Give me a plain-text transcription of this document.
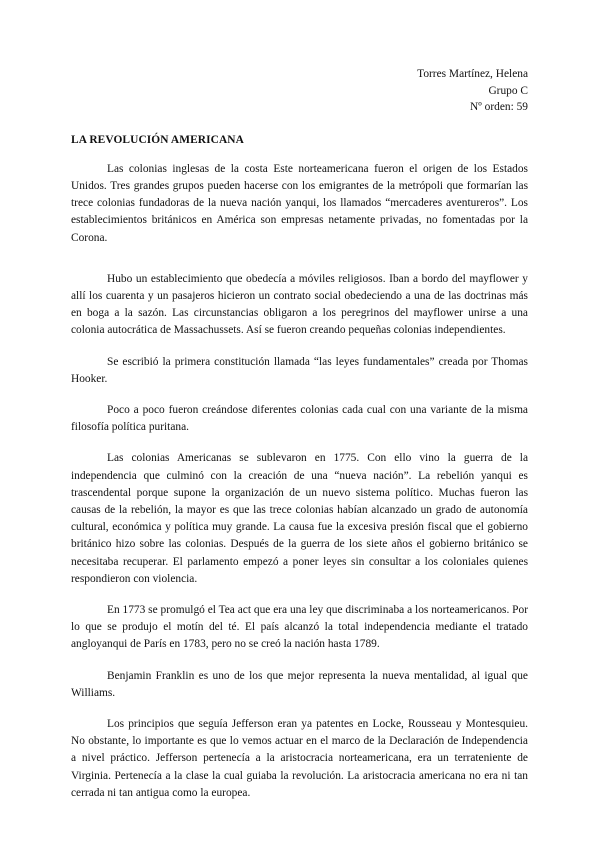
Torres Martínez, Helena
Grupo C
Nº orden: 59
LA REVOLUCIÓN AMERICANA

Las colonias inglesas de la costa Este norteamericana fueron el origen de los Estados Unidos. Tres grandes grupos pueden hacerse con los emigrantes de la metrópoli que formarían las trece colonias fundadoras de la nueva nación yanqui, los llamados “mercaderes aventureros”. Los establecimientos británicos en América son empresas netamente privadas, no fomentadas por la Corona.

Hubo un establecimiento que obedecía a móviles religiosos. Iban a bordo del mayflower y allí los cuarenta y un pasajeros hicieron un contrato social obedeciendo a una de las doctrinas más en boga a la sazón. Las circunstancias obligaron a los peregrinos del mayflower unirse a una colonia autocrática de Massachussets. Así se fueron creando pequeñas colonias independientes.

Se escribió la primera constitución llamada “las leyes fundamentales” creada por Thomas Hooker.

Poco a poco fueron creándose diferentes colonias cada cual con una variante de la misma filosofía política puritana.

Las colonias Americanas se sublevaron en 1775. Con ello vino la guerra de la independencia que culminó con la creación de una “nueva nación”. La rebelión yanqui es trascendental porque supone la organización de un nuevo sistema político. Muchas fueron las causas de la rebelión, la mayor es que las trece colonias habían alcanzado un grado de autonomía cultural, económica y política muy grande. La causa fue la excesiva presión fiscal que el gobierno británico hizo sobre las colonias. Después de la guerra de los siete años el gobierno británico se necesitaba recuperar. El parlamento empezó a poner leyes sin consultar a los coloniales quienes respondieron con violencia.

En 1773 se promulgó el Tea act que era una ley que discriminaba a los norteamericanos. Por lo que se produjo el motín del té. El país alcanzó la total independencia mediante el tratado angloyanqui de París en 1783, pero no se creó la nación hasta 1789.

Benjamin Franklin es uno de los que mejor representa la nueva mentalidad, al igual que Williams.

Los principios que seguía Jefferson eran ya patentes en Locke, Rousseau y Montesquieu. No obstante, lo importante es que lo vemos actuar en el marco de la Declaración de Independencia a nivel práctico. Jefferson pertenecía a la aristocracia norteamericana, era un terrateniente de Virginia. Pertenecía a la clase la cual guiaba la revolución. La aristocracia americana no era ni tan cerrada ni tan antigua como la europea.
